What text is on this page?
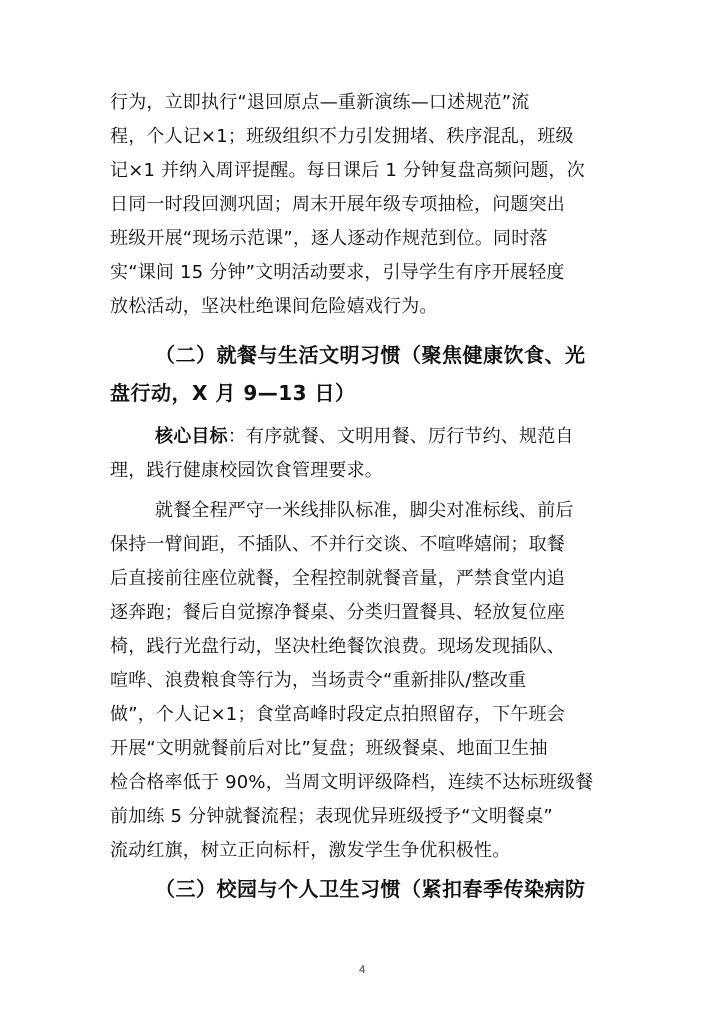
行为，立即执行“退回原点—重新演练—口述规范”流
程，个人记×1；班级组织不力引发拥堵、秩序混乱，班级
记×1 并纳入周评提醒。每日课后 1 分钟复盘高频问题，次
日同一时段回测巩固；周末开展年级专项抽检，问题突出
班级开展“现场示范课”，逐人逐动作规范到位。同时落
实“课间 15 分钟”文明活动要求，引导学生有序开展轻度
放松活动，坚决杜绝课间危险嬉戏行为。
（二）就餐与生活文明习惯（聚焦健康饮食、光
盘行动，X 月 9—13 日）
核心目标：有序就餐、文明用餐、厉行节约、规范自
理，践行健康校园饮食管理要求。
就餐全程严守一米线排队标准，脚尖对准标线、前后
保持一臂间距，不插队、不并行交谈、不喧哗嬉闹；取餐
后直接前往座位就餐，全程控制就餐音量，严禁食堂内追
逐奔跑；餐后自觉擦净餐桌、分类归置餐具、轻放复位座
椅，践行光盘行动，坚决杜绝餐饮浪费。现场发现插队、
喧哗、浪费粮食等行为，当场责令“重新排队/整改重
做”，个人记×1；食堂高峰时段定点拍照留存，下午班会
开展“文明就餐前后对比”复盘；班级餐桌、地面卫生抽
检合格率低于 90%，当周文明评级降档，连续不达标班级餐
前加练 5 分钟就餐流程；表现优异班级授予“文明餐桌”
流动红旗，树立正向标杆，激发学生争优积极性。
（三）校园与个人卫生习惯（紧扣春季传染病防
4
